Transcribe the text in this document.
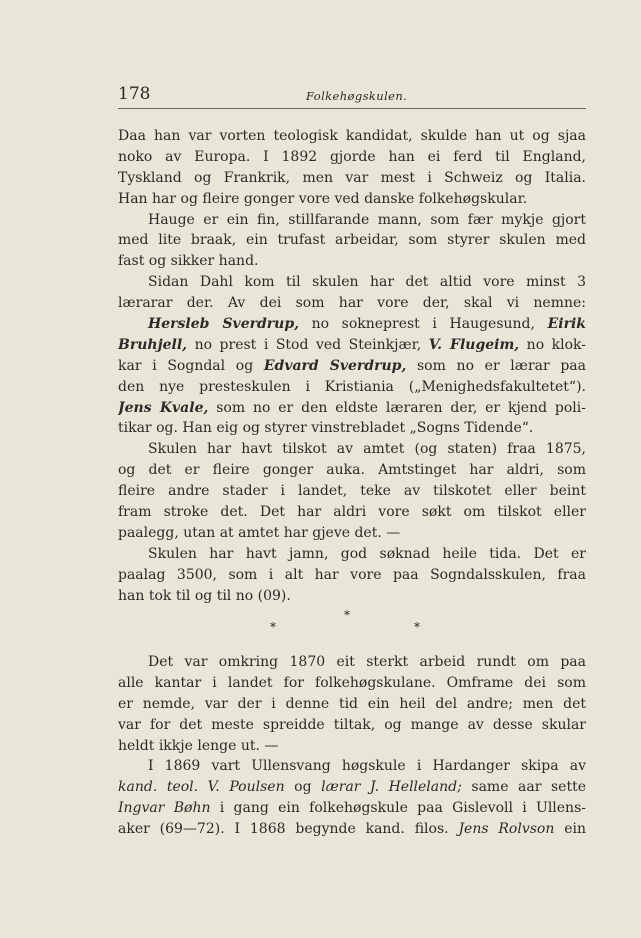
178	Folkehøgskulen.
Daa han var vorten teologisk kandidat, skulde han ut og sjaa
noko av Europa. I 1892 gjorde han ei ferd til England,
Tyskland og Frankrik, men var mest i Schweiz og Italia.
Han har og fleire gonger vore ved danske folkehøgskular.
Hauge er ein fin, stillfarande mann, som fær mykje gjort
med lite braak, ein trufast arbeidar, som styrer skulen med
fast og sikker hand.
Sidan Dahl kom til skulen har det altid vore minst 3
lærarar der. Av dei som har vore der, skal vi nemne:
Hersleb Sverdrup, no sokneprest i Haugesund, Eirik
Bruhjell, no prest i Stod ved Steinkjær, V. Flugeim, no klok-
kar i Sogndal og Edvard Sverdrup, som no er lærar paa
den nye presteskulen i Kristiania („Menighedsfakultetet“).
Jens Kvale, som no er den eldste læraren der, er kjend poli-
tikar og. Han eig og styrer vinstrebladet „Sogns Tidende“.
Skulen har havt tilskot av amtet (og staten) fraa 1875,
og det er fleire gonger auka. Amtstinget har aldri, som
fleire andre stader i landet, teke av tilskotet eller beint
fram stroke det. Det har aldri vore søkt om tilskot eller
paalegg, utan at amtet har gjeve det. —
Skulen har havt jamn, god søknad heile tida. Det er
paalag 3500, som i alt har vore paa Sogndalsskulen, fraa
han tok til og til no (09).
*
*	*
Det var omkring 1870 eit sterkt arbeid rundt om paa
alle kantar i landet for folkehøgskulane. Omframe dei som
er nemde, var der i denne tid ein heil del andre; men det
var for det meste spreidde tiltak, og mange av desse skular
heldt ikkje lenge ut. —
I 1869 vart Ullensvang høgskule i Hardanger skipa av
kand. teol. V. Poulsen og lærar J. Helleland; same aar sette
Ingvar Bøhn i gang ein folkehøgskule paa Gislevoll i Ullens-
aker (69—72). I 1868 begynde kand. filos. Jens Rolvson ein
